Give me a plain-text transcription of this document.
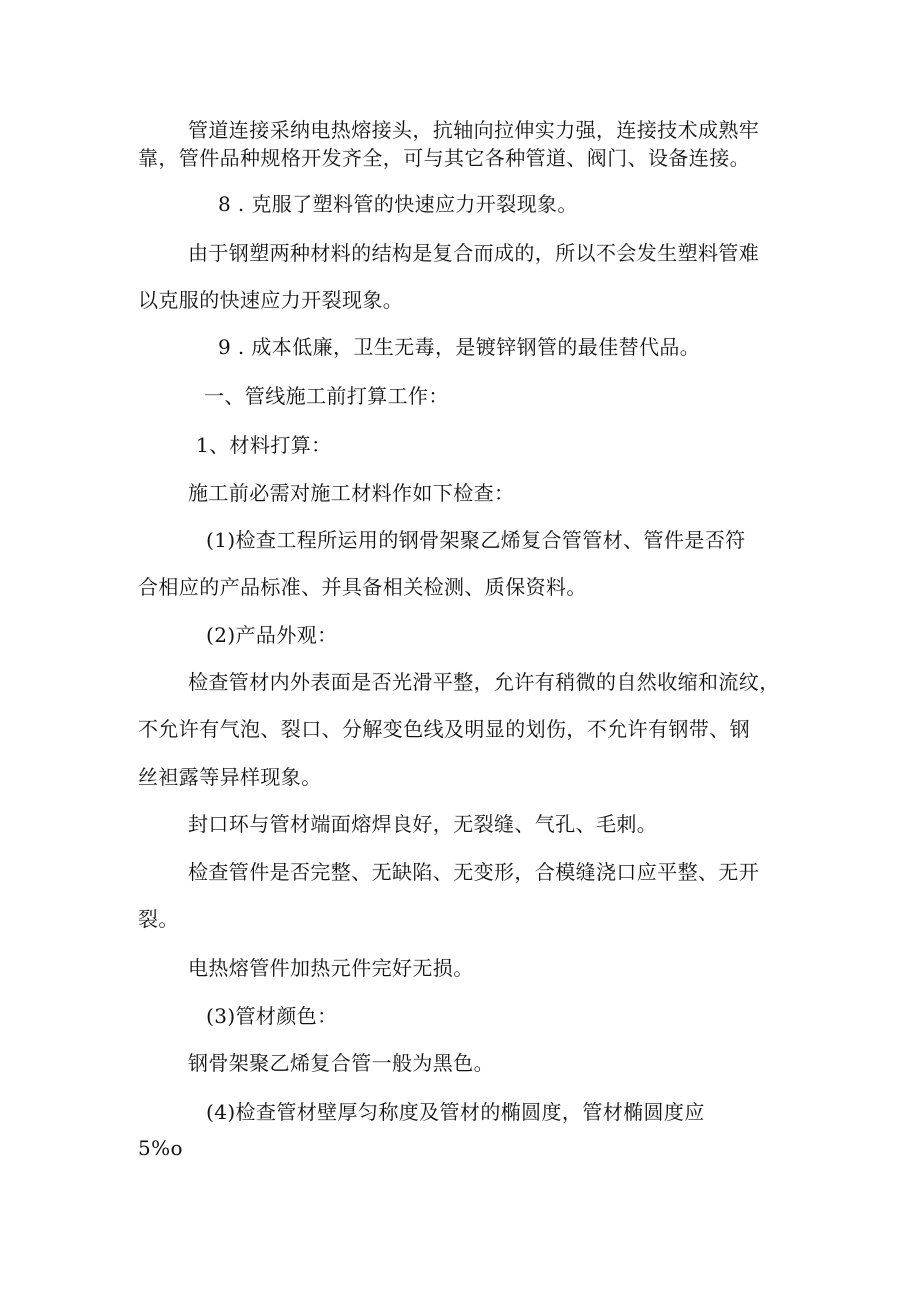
管道连接采纳电热熔接头，抗轴向拉伸实力强，连接技术成熟牢
靠，管件品种规格开发齐全，可与其它各种管道、阀门、设备连接。
8 . 克服了塑料管的快速应力开裂现象。
由于钢塑两种材料的结构是复合而成的，所以不会发生塑料管难
以克服的快速应力开裂现象。
9 . 成本低廉，卫生无毒，是镀锌钢管的最佳替代品。
一、管线施工前打算工作：
1、材料打算：
施工前必需对施工材料作如下检查：
(1)检查工程所运用的钢骨架聚乙烯复合管管材、管件是否符
合相应的产品标准、并具备相关检测、质保资料。
(2)产品外观：
检查管材内外表面是否光滑平整，允许有稍微的自然收缩和流纹，
不允许有气泡、裂口、分解变色线及明显的划伤，不允许有钢带、钢
丝袒露等异样现象。
封口环与管材端面熔焊良好，无裂缝、气孔、毛刺。
检查管件是否完整、无缺陷、无变形，合模缝浇口应平整、无开
裂。
电热熔管件加热元件完好无损。
(3)管材颜色：
钢骨架聚乙烯复合管一般为黑色。
(4)检查管材壁厚匀称度及管材的椭圆度，管材椭圆度应
5%o
